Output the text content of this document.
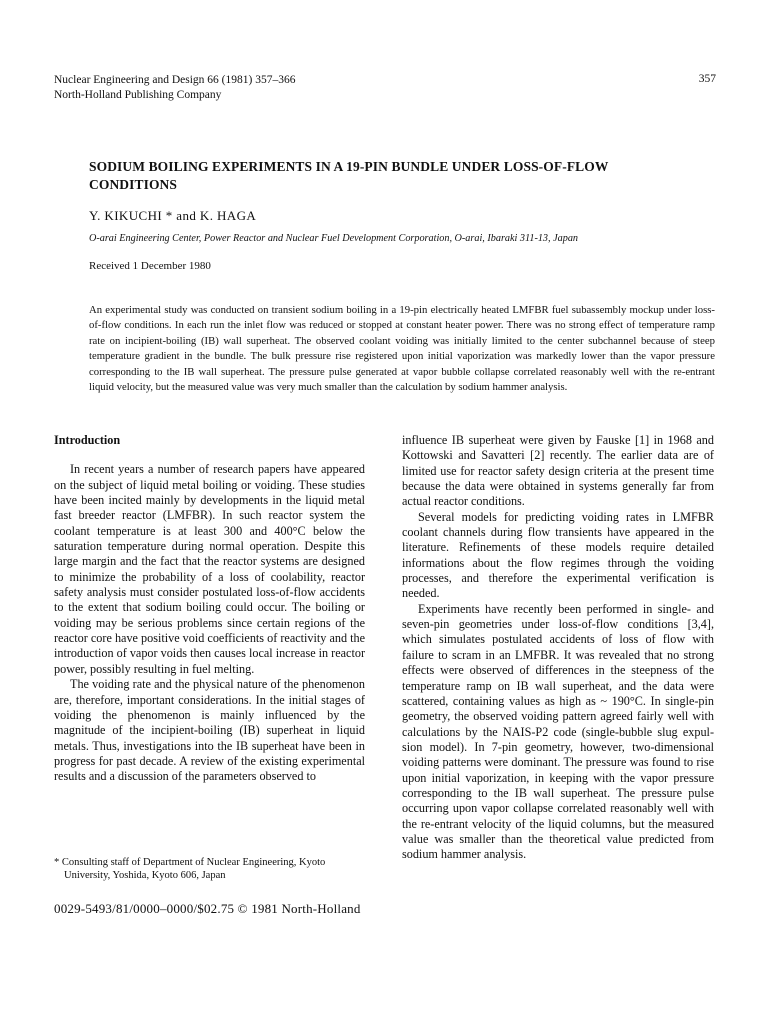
Nuclear Engineering and Design 66 (1981) 357–366
North-Holland Publishing Company
357
SODIUM BOILING EXPERIMENTS IN A 19-PIN BUNDLE UNDER LOSS-OF-FLOW CONDITIONS
Y. KIKUCHI * and K. HAGA
O-arai Engineering Center, Power Reactor and Nuclear Fuel Development Corporation, O-arai, Ibaraki 311-13, Japan
Received 1 December 1980
An experimental study was conducted on transient sodium boiling in a 19-pin electrically heated LMFBR fuel subassembly mockup under loss-of-flow conditions. In each run the inlet flow was reduced or stopped at constant heater power. There was no strong effect of temperature ramp rate on incipient-boiling (IB) wall superheat. The observed coolant voiding was initially limited to the center subchannel because of steep temperature gradient in the bundle. The bulk pressure rise registered upon initial vaporization was markedly lower than the vapor pressure corresponding to the IB wall superheat. The pressure pulse generated at vapor bubble collapse correlated reasonably well with the re-entrant liquid velocity, but the measured value was very much smaller than the calculation by sodium hammer analysis.

Introduction

In recent years a number of research papers have appeared on the subject of liquid metal boiling or voiding. These studies have been incited mainly by developments in the liquid metal fast breeder reactor (LMFBR). In such reactor system the coolant temperature is at least 300 and 400°C below the saturation temperature during normal operation. Despite this large margin and the fact that the reactor systems are designed to minimize the probability of a loss of coolability, reactor safety analysis must consider postulated loss-of-flow accidents to the extent that sodium boiling could occur. The boiling or voiding may be serious problems since certain regions of the reactor core have positive void coefficients of reactivity and the introduction of vapor voids then causes local increase in reactor power, possibly resulting in fuel melting.

The voiding rate and the physical nature of the phenomenon are, therefore, important considerations. In the initial stages of voiding the phenomenon is mainly influenced by the magnitude of the incipient-boiling (IB) superheat in liquid metals. Thus, investigations into the IB superheat have been in progress for past decade. A review of the existing experimental results and a discussion of the parameters observed to

influence IB superheat were given by Fauske [1] in 1968 and Kottowski and Savatteri [2] recently. The earlier data are of limited use for reactor safety design criteria at the present time because the data were obtained in systems generally far from actual reactor conditions.

Several models for predicting voiding rates in LMFBR coolant channels during flow transients have appeared in the literature. Refinements of these models require detailed informations about the flow regimes through the voiding processes, and therefore the experimental verification is needed.

Experiments have recently been performed in single- and seven-pin geometries under loss-of-flow conditions [3,4], which simulates postulated accidents of loss of flow with failure to scram in an LMFBR. It was revealed that no strong effects were observed of differences in the steepness of the temperature ramp on IB wall superheat, and the data were scattered, containing values as high as ~ 190°C. In single-pin geometry, the observed voiding pattern agreed fairly well with calculations by the NAIS-P2 code (single-bubble slug expulsion model). In 7-pin geometry, however, two-dimensional voiding patterns were dominant. The pressure was found to rise upon initial vaporization, in keeping with the vapor pressure corresponding to the IB wall superheat. The pressure pulse occurring upon vapor collapse correlated reasonably well with the re-entrant velocity of the liquid columns, but the measured value was smaller than the theoretical value predicted from sodium hammer analysis.

* Consulting staff of Department of Nuclear Engineering, Kyoto University, Yoshida, Kyoto 606, Japan
0029-5493/81/0000–0000/$02.75 © 1981 North-Holland
